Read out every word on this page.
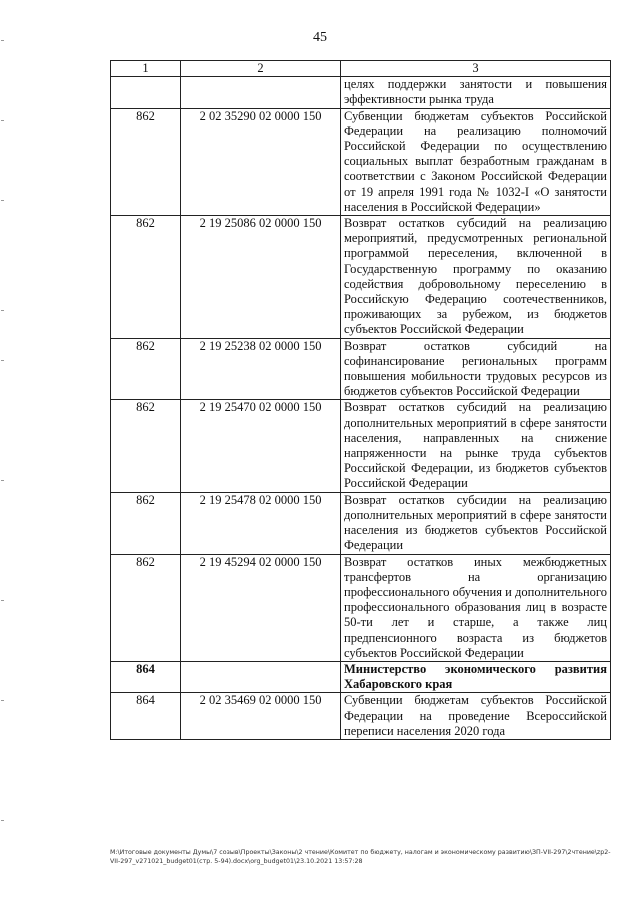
45
1	2	3
		целях поддержки занятости и повышения эффективности рынка труда
862	2 02 35290 02 0000 150	Субвенции бюджетам субъектов Российской Федерации на реализацию полномочий Российской Федерации по осуществлению социальных выплат безработным гражданам в соответствии с Законом Российской Федерации от 19 апреля 1991 года № 1032-I «О занятости населения в Российской Федерации»
862	2 19 25086 02 0000 150	Возврат остатков субсидий на реализацию мероприятий, предусмотренных региональной программой переселения, включенной в Государственную программу по оказанию содействия добровольному переселению в Российскую Федерацию соотечественников, проживающих за рубежом, из бюджетов субъектов Российской Федерации
862	2 19 25238 02 0000 150	Возврат остатков субсидий на софинансирование региональных программ повышения мобильности трудовых ресурсов из бюджетов субъектов Российской Федерации
862	2 19 25470 02 0000 150	Возврат остатков субсидий на реализацию дополнительных мероприятий в сфере занятости населения, направленных на снижение напряженности на рынке труда субъектов Российской Федерации, из бюджетов субъектов Российской Федерации
862	2 19 25478 02 0000 150	Возврат остатков субсидии на реализацию дополнительных мероприятий в сфере занятости населения из бюджетов субъектов Российской Федерации
862	2 19 45294 02 0000 150	Возврат остатков иных межбюджетных трансфертов на организацию профессионального обучения и дополнительного профессионального образования лиц в возрасте 50-ти лет и старше, а также лиц предпенсионного возраста из бюджетов субъектов Российской Федерации
864		Министерство экономического развития Хабаровского края
864	2 02 35469 02 0000 150	Субвенции бюджетам субъектов Российской Федерации на проведение Всероссийской переписи населения 2020 года
M:\Итоговые документы Думы\7 созыв\Проекты\Законы\2 чтение\Комитет по бюджету, налогам и экономическому развитию\ЗП-VII-297\2чтение\zp2-VII-297_v271021_budget01(стр. 5-94).docx\org_budget01\23.10.2021 13:57:28
